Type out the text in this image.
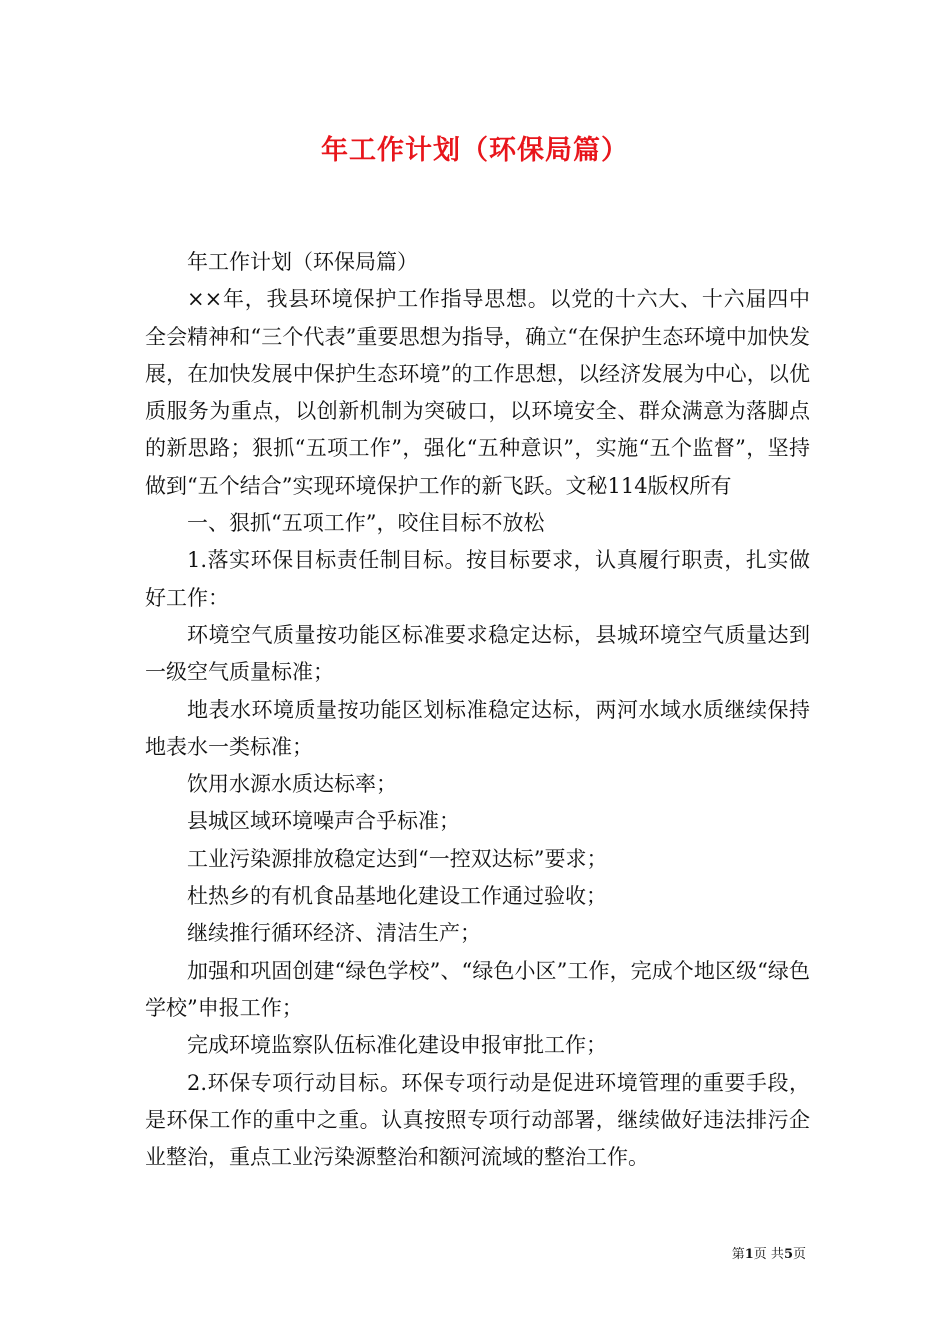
年工作计划（环保局篇）

年工作计划（环保局篇）

××年，我县环境保护工作指导思想。以党的十六大、十六届四中全会精神和“三个代表”重要思想为指导，确立“在保护生态环境中加快发展，在加快发展中保护生态环境”的工作思想，以经济发展为中心，以优质服务为重点，以创新机制为突破口，以环境安全、群众满意为落脚点的新思路；狠抓“五项工作”，强化“五种意识”，实施“五个监督”，坚持做到“五个结合”实现环境保护工作的新飞跃。文秘114版权所有

一、狠抓“五项工作”，咬住目标不放松

1.落实环保目标责任制目标。按目标要求，认真履行职责，扎实做好工作：

环境空气质量按功能区标准要求稳定达标，县城环境空气质量达到一级空气质量标准；

地表水环境质量按功能区划标准稳定达标，两河水域水质继续保持地表水一类标准；

饮用水源水质达标率；

县城区域环境噪声合乎标准；

工业污染源排放稳定达到“一控双达标”要求；

杜热乡的有机食品基地化建设工作通过验收；

继续推行循环经济、清洁生产；

加强和巩固创建“绿色学校”、“绿色小区”工作，完成个地区级“绿色学校”申报工作；

完成环境监察队伍标准化建设申报审批工作；

2.环保专项行动目标。环保专项行动是促进环境管理的重要手段，是环保工作的重中之重。认真按照专项行动部署，继续做好违法排污企业整治，重点工业污染源整治和额河流域的整治工作。

第1页 共5页
